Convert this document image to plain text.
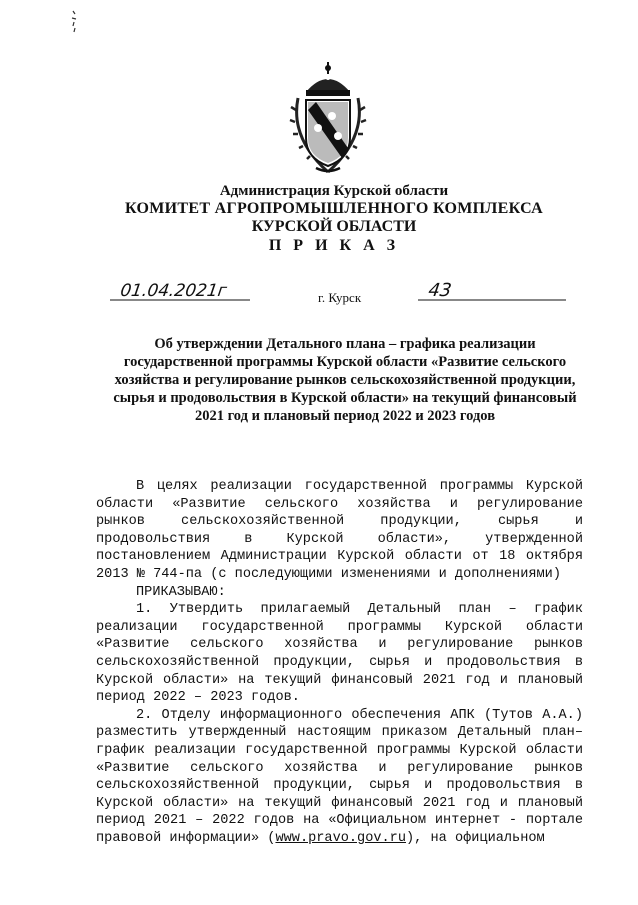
Администрация Курской области
КОМИТЕТ АГРОПРОМЫШЛЕННОГО КОМПЛЕКСА
КУРСКОЙ ОБЛАСТИ
П Р И К А З
01.04.2021г	г. Курск	43
Об утверждении Детального плана – графика реализации государственной программы Курской области «Развитие сельского хозяйства и регулирование рынков сельскохозяйственной продукции, сырья и продовольствия в Курской области» на текущий финансовый 2021 год и плановый период 2022 и 2023 годов

В целях реализации государственной программы Курской области «Развитие сельского хозяйства и регулирование рынков сельскохозяйственной продукции, сырья и продовольствия в Курской области», утвержденной постановлением Администрации Курской области от 18 октября 2013 № 744-па (с последующими изменениями и дополнениями)

ПРИКАЗЫВАЮ:

1. Утвердить прилагаемый Детальный план – график реализации государственной программы Курской области «Развитие сельского хозяйства и регулирование рынков сельскохозяйственной продукции, сырья и продовольствия в Курской области» на текущий финансовый 2021 год и плановый период 2022 – 2023 годов.

2. Отделу информационного обеспечения АПК (Тутов А.А.) разместить утвержденный настоящим приказом Детальный план–график реализации государственной программы Курской области «Развитие сельского хозяйства и регулирование рынков сельскохозяйственной продукции, сырья и продовольствия в Курской области» на текущий финансовый 2021 год и плановый период 2021 – 2022 годов на «Официальном интернет - портале правовой информации» (www.pravo.gov.ru), на официальном
